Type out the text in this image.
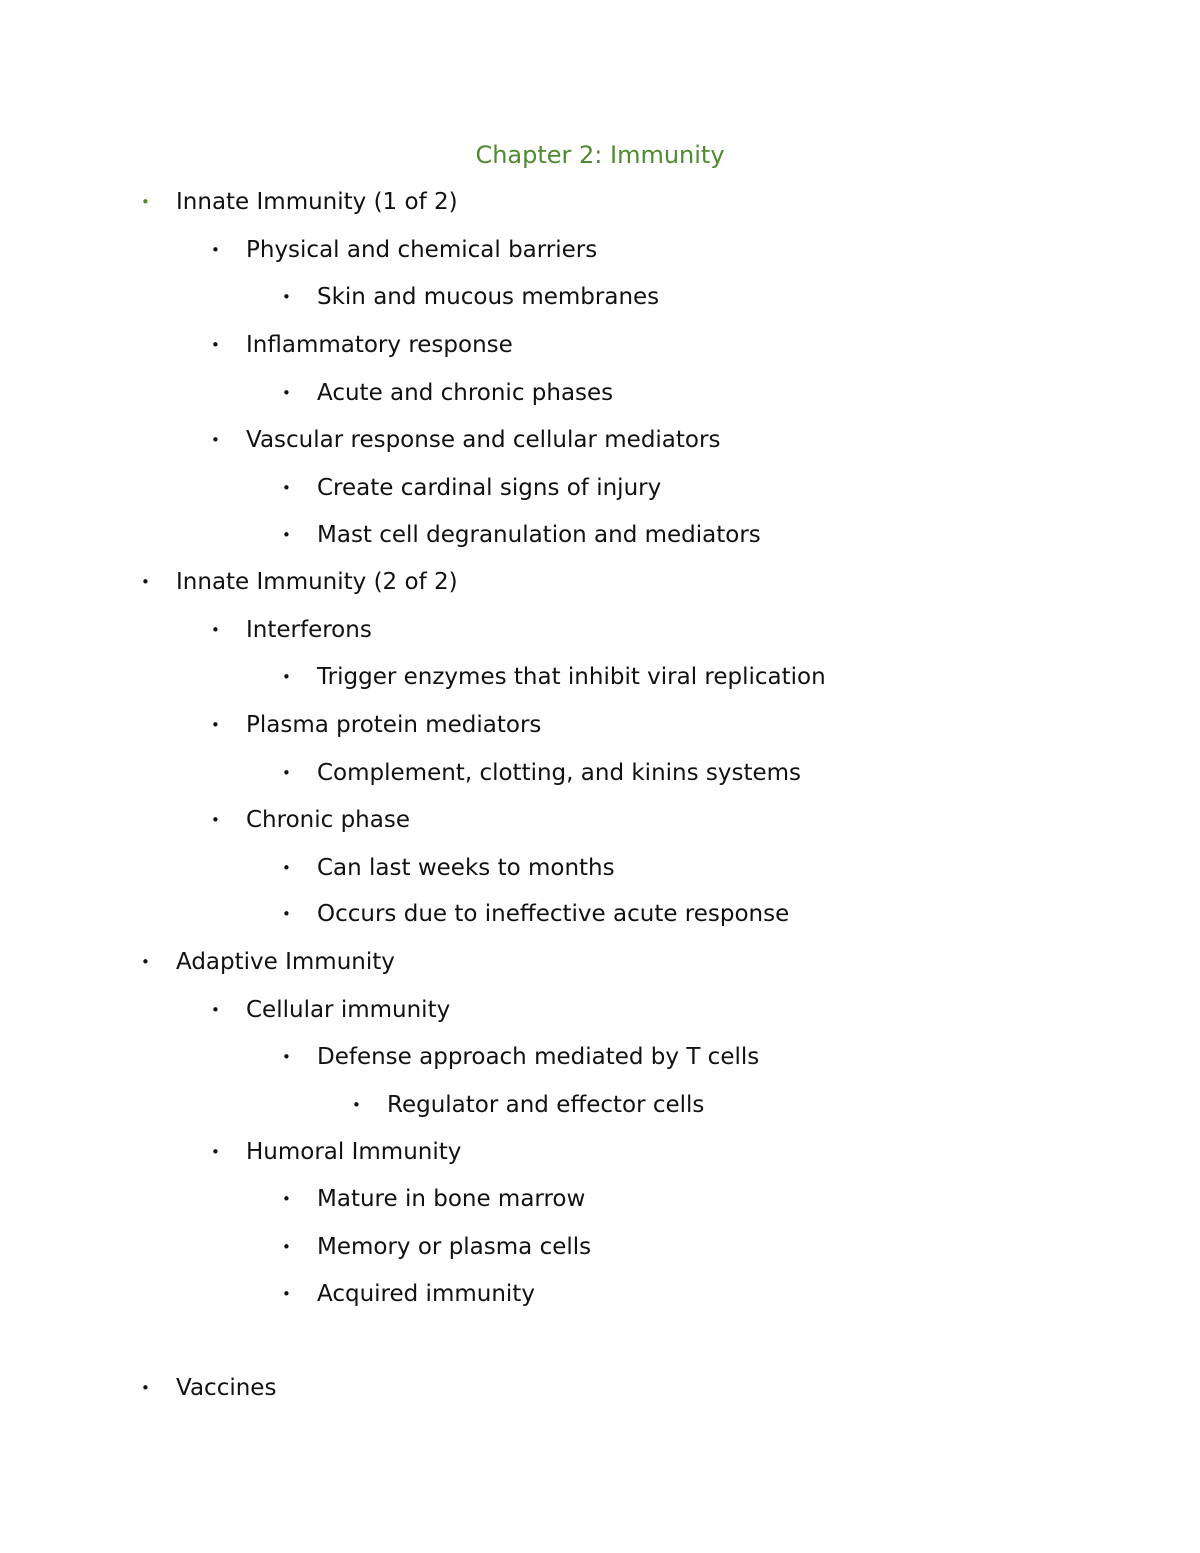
Chapter 2: Immunity
• Innate Immunity (1 of 2)
• Physical and chemical barriers
• Skin and mucous membranes
• Inflammatory response
• Acute and chronic phases
• Vascular response and cellular mediators
• Create cardinal signs of injury
• Mast cell degranulation and mediators
• Innate Immunity (2 of 2)
• Interferons
• Trigger enzymes that inhibit viral replication
• Plasma protein mediators
• Complement, clotting, and kinins systems
• Chronic phase
• Can last weeks to months
• Occurs due to ineffective acute response
• Adaptive Immunity
• Cellular immunity
• Defense approach mediated by T cells
• Regulator and effector cells
• Humoral Immunity
• Mature in bone marrow
• Memory or plasma cells
• Acquired immunity
• Vaccines
